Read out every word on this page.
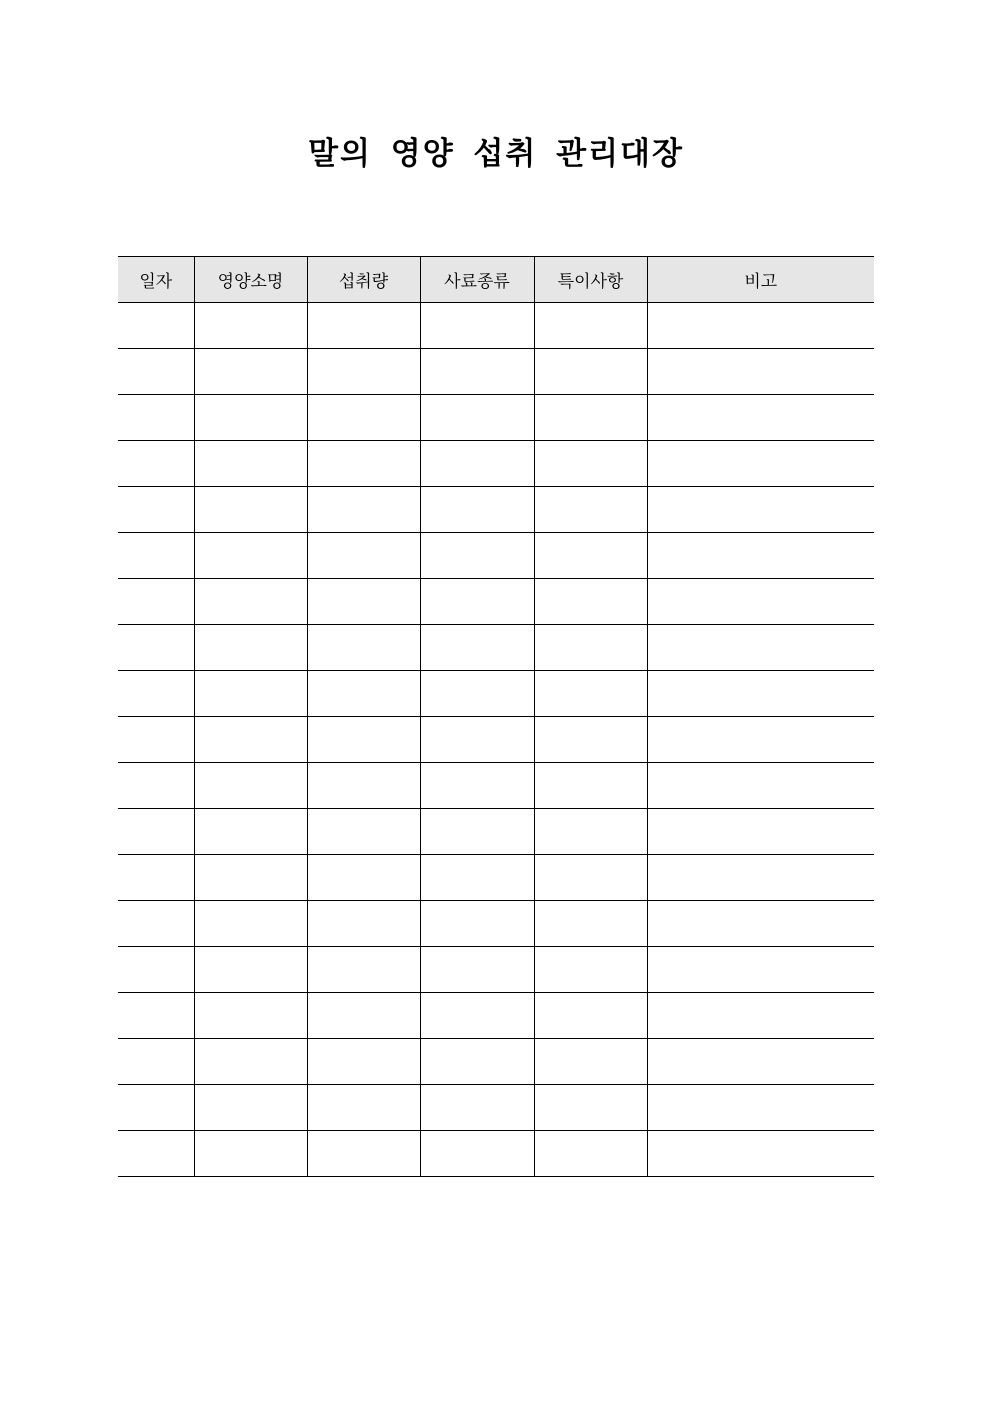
말의 영양 섭취 관리대장
일자	영양소명	섭취량	사료종류	특이사항	비고
